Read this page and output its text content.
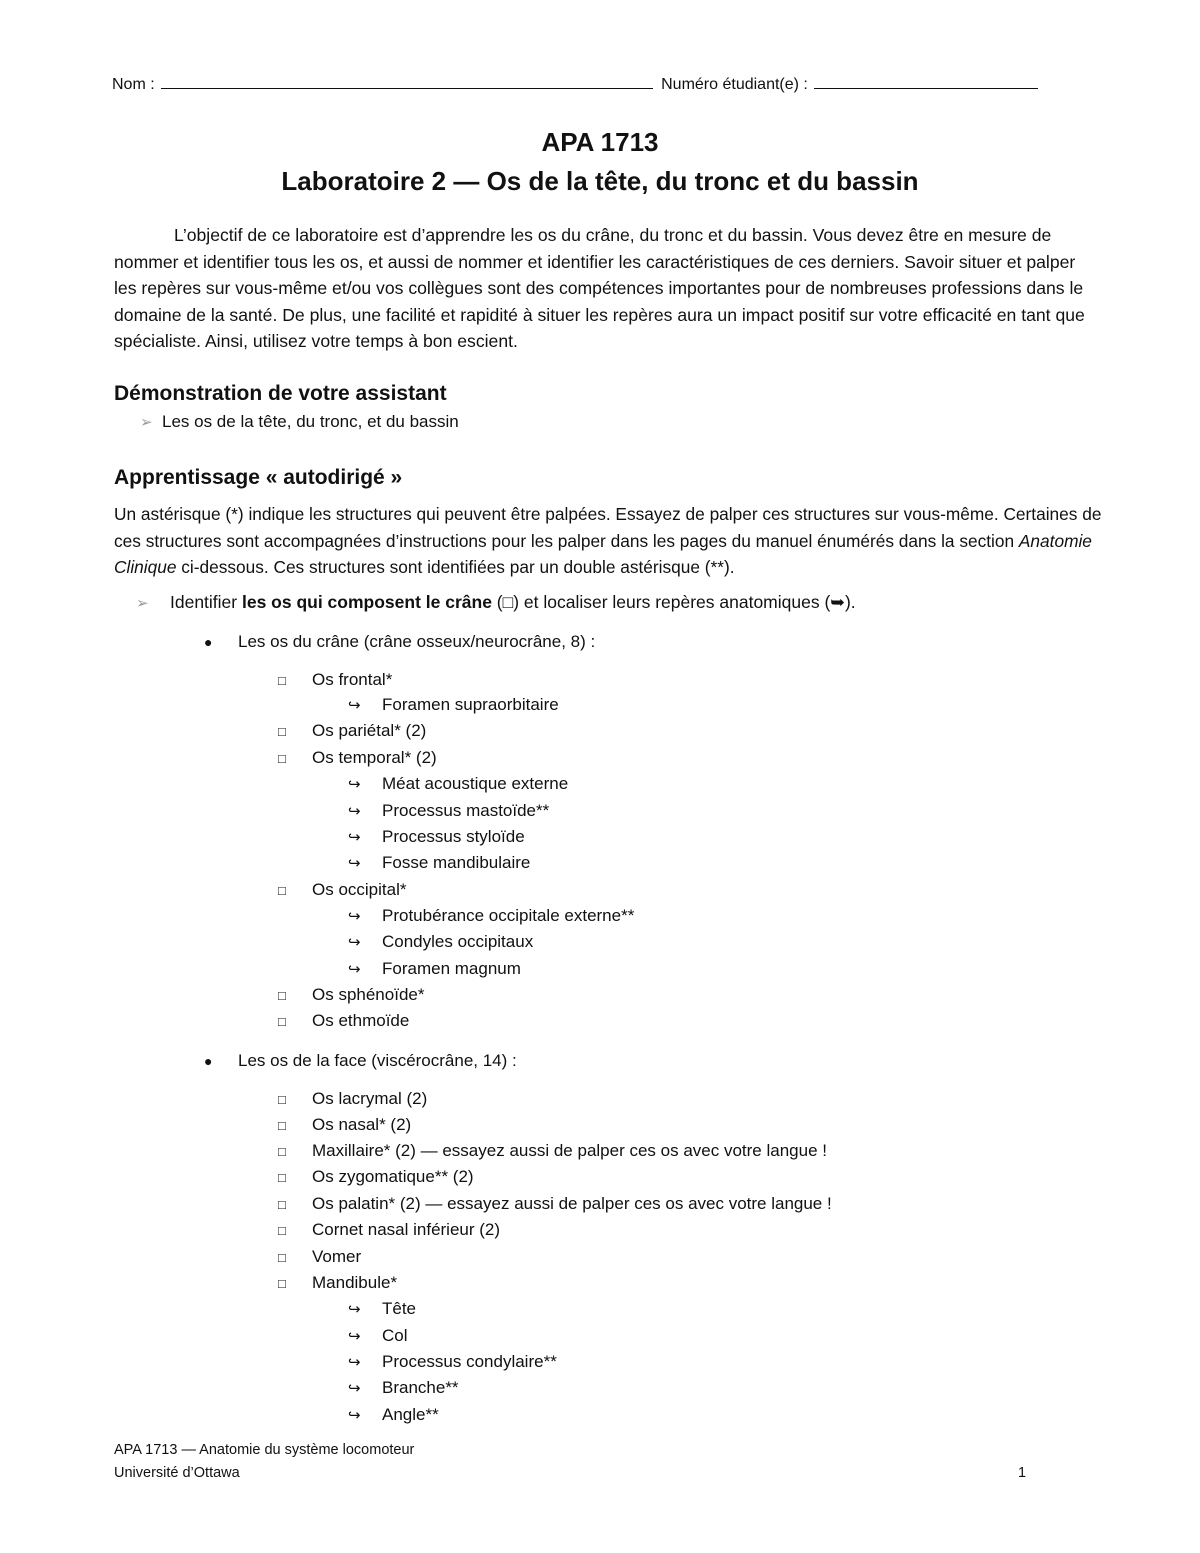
Nom :	Numéro étudiant(e) :
APA 1713
Laboratoire 2 — Os de la tête, du tronc et du bassin

L’objectif de ce laboratoire est d’apprendre les os du crâne, du tronc et du bassin. Vous devez être en mesure de nommer et identifier tous les os, et aussi de nommer et identifier les caractéristiques de ces derniers. Savoir situer et palper les repères sur vous-même et/ou vos collègues sont des compétences importantes pour de nombreuses professions dans le domaine de la santé. De plus, une facilité et rapidité à situer les repères aura un impact positif sur votre efficacité en tant que spécialiste. Ainsi, utilisez votre temps à bon escient.

Démonstration de votre assistant
➢ Les os de la tête, du tronc, et du bassin
Apprentissage « autodirigé »

Un astérisque (*) indique les structures qui peuvent être palpées. Essayez de palper ces structures sur vous-même. Certaines de ces structures sont accompagnées d’instructions pour les palper dans les pages du manuel énumérés dans la section Anatomie Clinique ci-dessous. Ces structures sont identifiées par un double astérisque (**).

➢ Identifier les os qui composent le crâne (□) et localiser leurs repères anatomiques (➥).
● Les os du crâne (crâne osseux/neurocrâne, 8) :
□ Os frontal*
↪ Foramen supraorbitaire
□ Os pariétal* (2)
□ Os temporal* (2)
↪ Méat acoustique externe
↪ Processus mastoïde**
↪ Processus styloïde
↪ Fosse mandibulaire
□ Os occipital*
↪ Protubérance occipitale externe**
↪ Condyles occipitaux
↪ Foramen magnum
□ Os sphénoïde*
□ Os ethmoïde
● Les os de la face (viscérocrâne, 14) :
□ Os lacrymal (2)
□ Os nasal* (2)
□ Maxillaire* (2) — essayez aussi de palper ces os avec votre langue !
□ Os zygomatique** (2)
□ Os palatin* (2) — essayez aussi de palper ces os avec votre langue !
□ Cornet nasal inférieur (2)
□ Vomer
□ Mandibule*
↪ Tête
↪ Col
↪ Processus condylaire**
↪ Branche**
↪ Angle**
APA 1713 — Anatomie du système locomoteur
Université d’Ottawa	1
